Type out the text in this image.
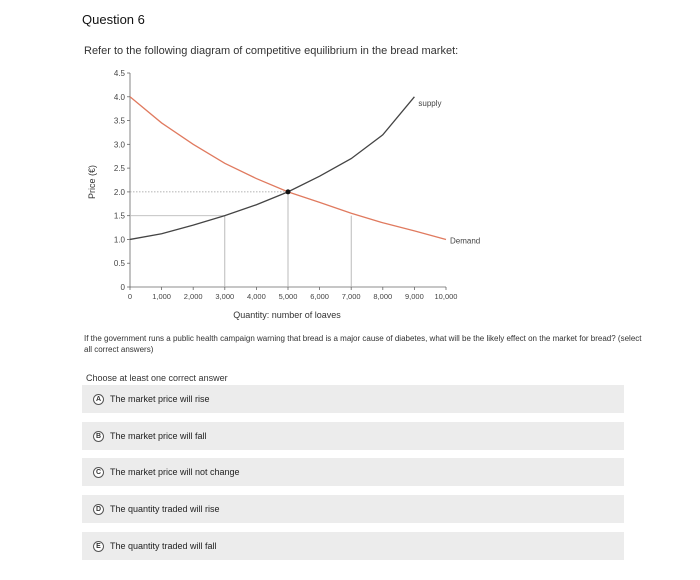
Question 6
Refer to the following diagram of competitive equilibrium in the bread market:
supply
Demand
0
0.5
1.0
1.5
2.0
2.5
3.0
3.5
4.0
4.5
0	1,000 2,000 3,000 4,000 5,000 6,000 7,000 8,000 9,000 10,000
Price (€)
Quantity: number of loaves
If the government runs a public health campaign warning that bread is a major cause of diabetes, what will be the likely effect on the market for bread? (select all correct answers)
Choose at least one correct answer
A The market price will rise
B The market price will fall
C The market price will not change
D The quantity traded will rise
E	The quantity traded will fall
